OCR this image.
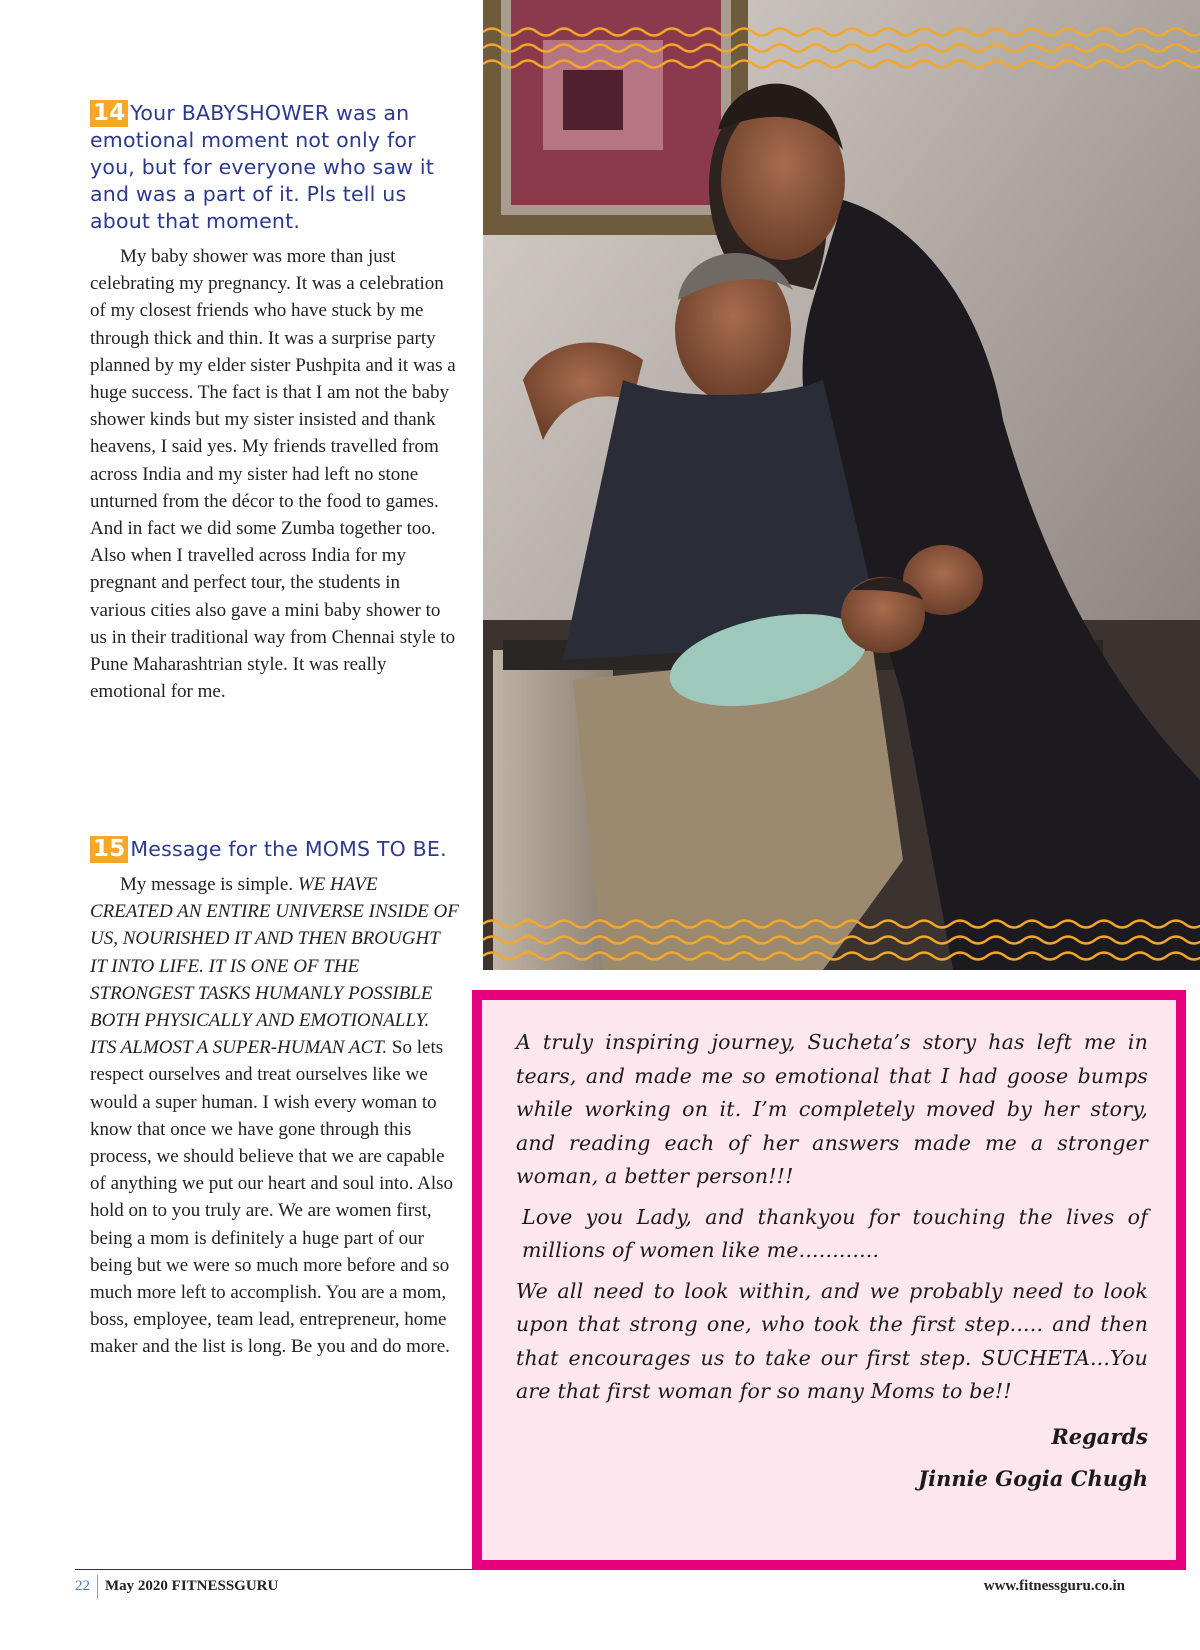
14 Your BABYSHOWER was an emotional moment not only for you, but for everyone who saw it and was a part of it. Pls tell us about that moment.

My baby shower was more than just celebrating my pregnancy. It was a celebration of my closest friends who have stuck by me through thick and thin. It was a surprise party planned by my elder sister Pushpita and it was a huge success. The fact is that I am not the baby shower kinds but my sister insisted and thank heavens, I said yes. My friends travelled from across India and my sister had left no stone unturned from the décor to the food to games. And in fact we did some Zumba together too. Also when I travelled across India for my pregnant and perfect tour, the students in various cities also gave a mini baby shower to us in their traditional way from Chennai style to Pune Maharashtrian style. It was really emotional for me.

15 Message for the MOMS TO BE.

My message is simple. WE HAVE CREATED AN ENTIRE UNIVERSE INSIDE OF US, NOURISHED IT AND THEN BROUGHT IT INTO LIFE. IT IS ONE OF THE STRONGEST TASKS HUMANLY POSSIBLE BOTH PHYSICALLY AND EMOTIONALLY. ITS ALMOST A SUPER-HUMAN ACT. So lets respect ourselves and treat ourselves like we would a super human. I wish every woman to know that once we have gone through this process, we should believe that we are capable of anything we put our heart and soul into. Also hold on to you truly are. We are women first, being a mom is definitely a huge part of our being but we were so much more before and so much more left to accomplish. You are a mom, boss, employee, team lead, entrepreneur, home maker and the list is long. Be you and do more.

A truly inspiring journey, Sucheta’s story has left me in tears, and made me so emotional that I had goose bumps while working on it. I’m completely moved by her story, and reading each of her answers made me a stronger woman, a better person!!!

Love you Lady, and thankyou for touching the lives of millions of women like me............

We all need to look within, and we probably need to look upon that strong one, who took the first step..... and then that encourages us to take our first step. SUCHETA...You are that first woman for so many Moms to be!!

Regards
Jinnie Gogia Chugh
22 May 2020 FITNESSGURU	www.fitnessguru.co.in
